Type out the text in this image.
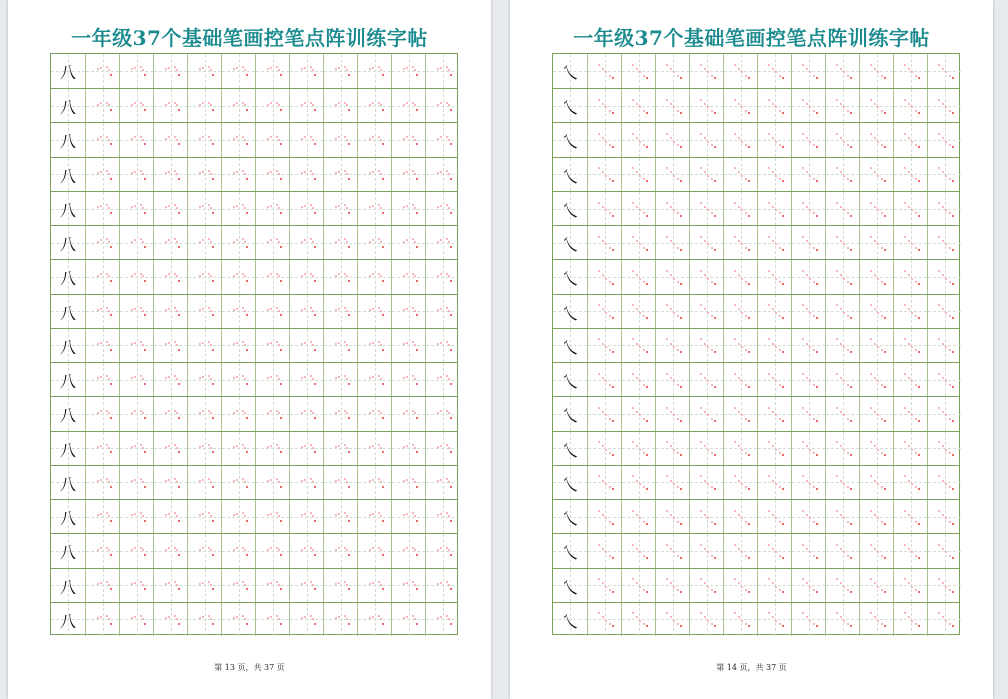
一年级37个基础笔画控笔点阵训练字帖
八
八
八
八
八
八
八
八
八
八
八
八
八
八
八
八
八
第 13 页，共 37 页
一年级37个基础笔画控笔点阵训练字帖
乀
乀
乀
乀
乀
乀
乀
乀
乀
乀
乀
乀
乀
乀
乀
乀
乀
第 14 页，共 37 页
